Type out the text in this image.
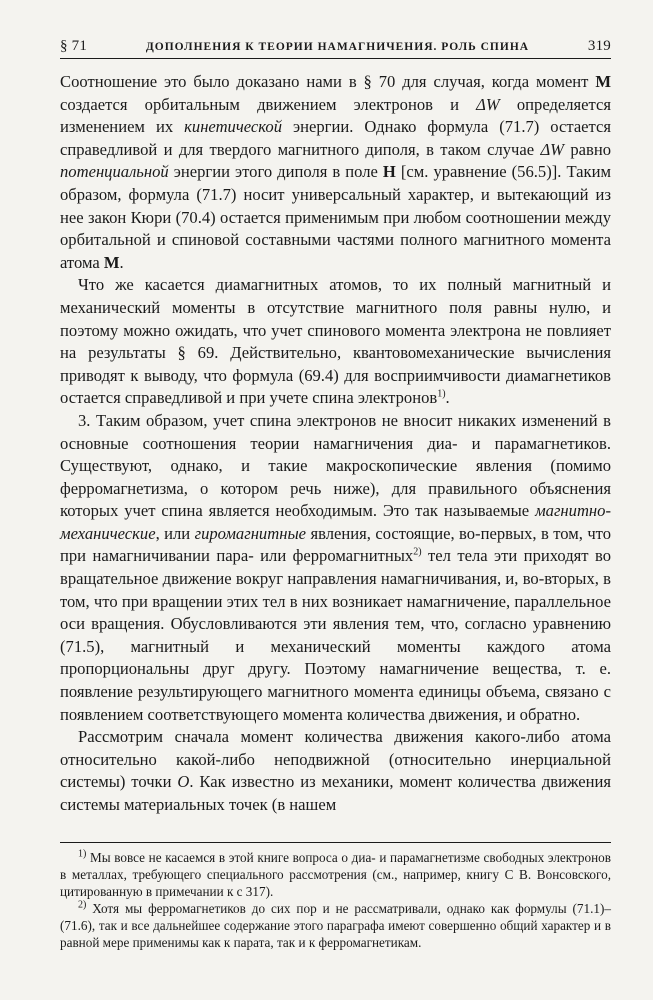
§ 71	ДОПОЛНЕНИЯ К ТЕОРИИ НАМАГНИЧЕНИЯ. РОЛЬ СПИНА	319

Соотношение это было доказано нами в § 70 для случая, когда момент M создается орбитальным движением электронов и ΔW определяется изменением их кинетической энергии. Однако формула (71.7) остается справедливой и для твердого магнитного диполя, в таком случае ΔW равно потенциальной энергии этого диполя в поле H [см. уравнение (56.5)]. Таким образом, формула (71.7) носит универсальный характер, и вытекающий из нее закон Кюри (70.4) остается применимым при любом соотношении между орбитальной и спиновой составными частями полного магнитного момента атома M.

Что же касается диамагнитных атомов, то их полный магнитный и механический моменты в отсутствие магнитного поля равны нулю, и поэтому можно ожидать, что учет спинового момента электрона не повлияет на результаты § 69. Действительно, квантовомеханические вычисления приводят к выводу, что формула (69.4) для восприимчивости диамагнетиков остается справедливой и при учете спина электронов$^{1)}$.

3. Таким образом, учет спина электронов не вносит никаких изменений в основные соотношения теории намагничения диа- и парамагнетиков. Существуют, однако, и такие макроскопические явления (помимо ферромагнетизма, о котором речь ниже), для правильного объяснения которых учет спина является необходимым. Это так называемые магнитно-механические, или гиромагнитные явления, состоящие, во-первых, в том, что при намагничивании пара- или ферромагнитных$^{2)}$ тел тела эти приходят во вращательное движение вокруг направления намагничивания, и, во-вторых, в том, что при вращении этих тел в них возникает намагничение, параллельное оси вращения. Обусловливаются эти явления тем, что, согласно уравнению (71.5), магнитный и механический моменты каждого атома пропорциональны друг другу. Поэтому намагничение вещества, т. е. появление результирующего магнитного момента единицы объема, связано с появлением соответствующего момента количества движения, и обратно.

Рассмотрим сначала момент количества движения какого-либо атома относительно какой-либо неподвижной (относительно инерциальной системы) точки O. Как известно из механики, момент количества движения системы материальных точек (в нашем

$^{1)}$ Мы вовсе не касаемся в этой книге вопроса о диа- и парамагнетизме свободных электронов в металлах, требующего специального рассмотрения (см., например, книгу С В. Вонсовского, цитированную в примечании к с 317).

$^{2)}$ Хотя мы ферромагнетиков до сих пор и не рассматривали, однако как формулы (71.1)–(71.6), так и все дальнейшее содержание этого параграфа имеют совершенно общий характер и в равной мере применимы как к парата, так и к ферромагнетикам.
